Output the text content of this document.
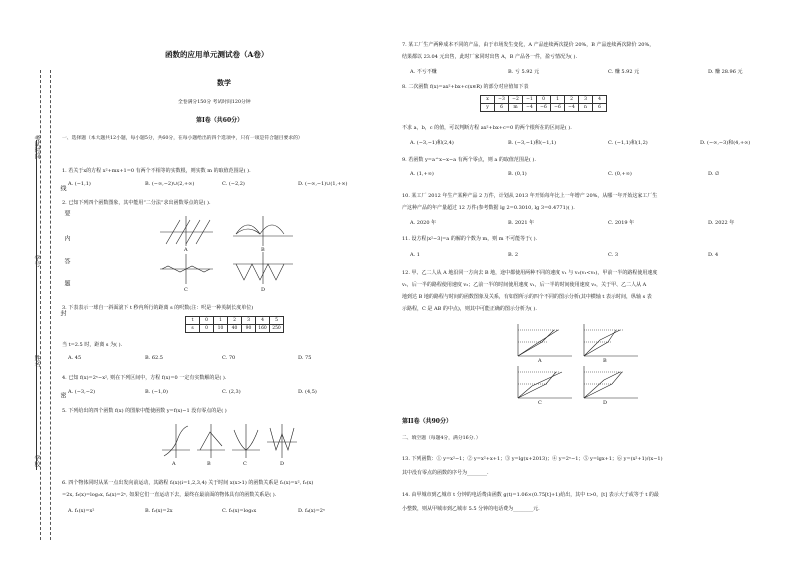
考试时间
学号
姓名
学校
线
要
内
答
题
封
密
函数的应用单元测试卷（A卷）
数学
全卷满分150分 考试时间120分钟
第I卷（共60分）
一、选择题（本大题共12小题，每小题5分，共60分，在每小题给出的四个选项中，只有一项是符合题目要求的）
1. 若关于x的方程 x²+mx+1=0 有两个不相等的实数根，则实数 m 的取值范围是( ).
A. (−1,1)	B. (−∞,−2)∪(2,+∞)	C. (−2,2)	D. (−∞,−1)∪(1,+∞)
2. 已知下列四个函数图象，其中能用“二分法”求出函数零点的是( ).
A	B
C	D
3. 下表表示一球自一斜面滚下 t 秒内所行的距离 s 的呎数(注：呎是一种英制长度单位)
t	0	1	2	3	4	5
s	0	10	40	90	160	250
当 t=2.5 时，距离 s 为( ).
A. 45	B. 62.5	C. 70	D. 75
4. 已知 f(x)=2ˣ−x², 则在下列区间中，方程 f(x)=0 一定有实数解的是( ).
A. (−3,−2)	B. (−1,0)	C. (2,3)	D. (4,5)
5. 下列给出的四个函数 f(x) 的图象中能使函数 y=f(x)−1 没有零点的是( )
A	B	C	D
6. 四个物体同时从某一点出发向前运动，其路程 fᵢ(x)(i=1,2,3,4) 关于时间 x(x>1) 的函数关系是 f₁(x)=x², f₂(x)
=2x, f₃(x)=log₂x, f₄(x)=2ˣ, 如果它们一直运动下去，最终在最前面的物体具有的函数关系是( ).
A. f₁(x)=x²	B. f₂(x)=2x	C. f₃(x)=log₂x	D. f₄(x)=2ˣ
7. 某工厂生产两种成本不同的产品，由于市场发生变化，A 产品连续两次提价 20%，B 产品连续两次降价 20%，
结果都以 23.04 元出售，此时厂家同时出售 A，B 产品各一件，盈亏情况为( ).
A. 不亏不赚	B. 亏 5.92 元	C. 赚 5.92 元	D. 赚 28.96 元
8. 二次函数 f(x)=ax²+bx+c(x∈R) 的部分对应值如下表
x	−3	−2	−1	0	1	2	3	4
y	6	m	−4	−6	−6	−4	n	6
不求 a，b，c 的值，可以判断方程 ax²+bx+c=0 的两个根所在的区间是( ).
A. (−3,−1)和(2,4)	B. (−3,−1)和(−1,1)	C. (−1,1)和(1,2)	D. (−∞,−3)和(4,+∞)
9. 若函数 y=a^x−x−a 有两个零点，则 a 的取值范围是( ).
A. (1,+∞)	B. (0,1)	C. (0,+∞)	D. ∅
10. 某工厂 2012 年生产某种产品 2 万件，计划从 2013 年开始每年比上一年增产 20%，从哪一年开始这家工厂生
产这种产品的年产量超过 12 万件(参考数据 lg 2=0.3010, lg 3=0.4771)( ).
A. 2020 年	B. 2021 年	C. 2019 年	D. 2022 年
11. 设方程|x²−3|=a 的解的个数为 m，则 m 不可能等于( ).
A. 1	B. 2	C. 3	D. 4
12. 甲、乙二人从 A 地沿同一方向去 B 地，途中都使用两种不同的速度 v₁ 与 v₂(v₁<v₂)，甲前一半的路程使用速度
v₁，后一半的路程使用速度 v₂；乙前一半的时间使用速度 v₁，后一半的时间使用速度 v₂，关于甲、乙二人从 A
地到达 B 地的路程与时间的函数图象及关系，有如图所示的四个不同的图示分析(其中横轴 t 表示时间，纵轴 s 表
示路程，C 是 AB 的中点)，则其中可能正确的图示分析为( ).
A	B
C	D
第II卷（共90分）
二、填空题（每题4分，满分16分．）
13. 下列函数：① y=x²−1；② y=x²+x+1；③ y=lg(x+2013)；④ y=2ˣ−1；⑤ y=lgx+1；⑥ y=(x²+1)/(x−1)
其中没有零点的函数的序号为________.
14. 由甲城市到乙城市 t 分钟的电话费由函数 g(t)=1.06×(0.75[t]+1)给出，其中 t>0，[t] 表示大于或等于 t 的最
小整数，则从甲城市到乙城市 5.5 分钟的电话费为________元.
